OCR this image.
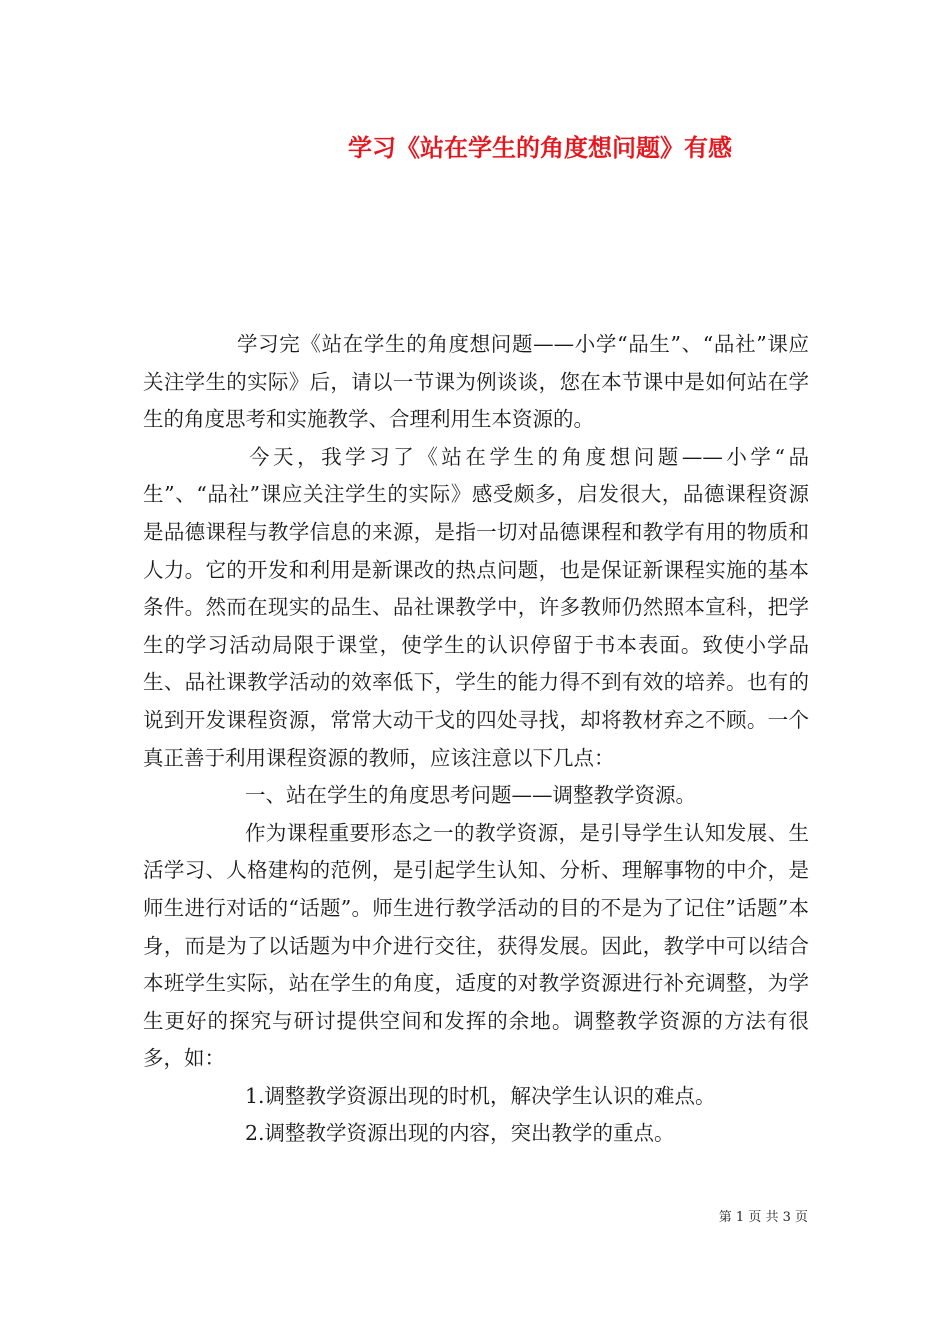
学习《站在学生的角度想问题》有感

学习完《站在学生的角度想问题——小学“品生”、“品社”课应关注学生的实际》后，请以一节课为例谈谈，您在本节课中是如何站在学生的角度思考和实施教学、合理利用生本资源的。

今天，我学习了《站在学生的角度想问题——小学“品生”、“品社”课应关注学生的实际》感受颇多，启发很大，品德课程资源是品德课程与教学信息的来源，是指一切对品德课程和教学有用的物质和人力。它的开发和利用是新课改的热点问题，也是保证新课程实施的基本条件。然而在现实的品生、品社课教学中，许多教师仍然照本宣科，把学生的学习活动局限于课堂，使学生的认识停留于书本表面。致使小学品生、品社课教学活动的效率低下，学生的能力得不到有效的培养。也有的说到开发课程资源，常常大动干戈的四处寻找，却将教材弃之不顾。一个真正善于利用课程资源的教师，应该注意以下几点：

一、站在学生的角度思考问题——调整教学资源。

作为课程重要形态之一的教学资源，是引导学生认知发展、生活学习、人格建构的范例，是引起学生认知、分析、理解事物的中介，是师生进行对话的“话题”。师生进行教学活动的目的不是为了记住”话题”本身，而是为了以话题为中介进行交往，获得发展。因此，教学中可以结合本班学生实际，站在学生的角度，适度的对教学资源进行补充调整，为学生更好的探究与研讨提供空间和发挥的余地。调整教学资源的方法有很多，如：

1.调整教学资源出现的时机，解决学生认识的难点。

2.调整教学资源出现的内容，突出教学的重点。

第 1 页 共 3 页
